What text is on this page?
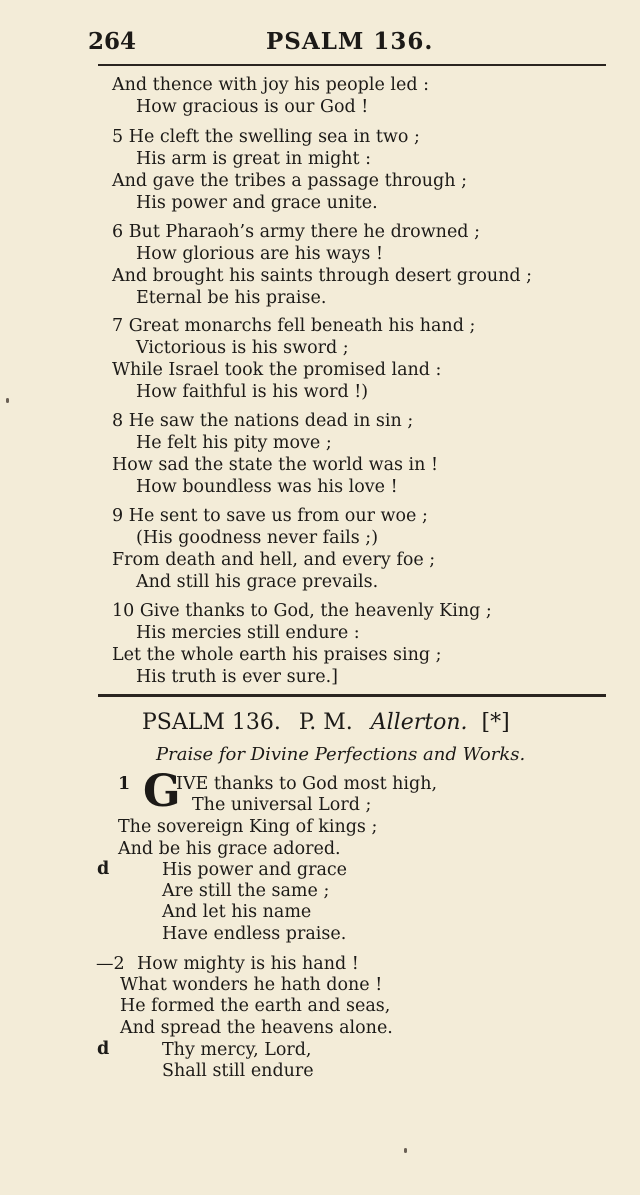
264	PSALM 136.
And thence with joy his people led :
How gracious is our God !
5 He cleft the swelling sea in two ;
His arm is great in might :
And gave the tribes a passage through ;
His power and grace unite.
6 But Pharaoh’s army there he drowned ;
How glorious are his ways !
And brought his saints through desert ground ;
Eternal be his praise.
7 Great monarchs fell beneath his hand ;
Victorious is his sword ;
While Israel took the promised land :
How faithful is his word !)
8 He saw the nations dead in sin ;
He felt his pity move ;
How sad the state the world was in !
How boundless was his love !
9 He sent to save us from our woe ;
(His goodness never fails ;)
From death and hell, and every foe ;
And still his grace prevails.
10 Give thanks to God, the heavenly King ;
His mercies still endure :
Let the whole earth his praises sing ;
His truth is ever sure.]
PSALM 136. P. M. Allerton. [*]
Praise for Divine Perfections and Works.
1 G
IVE thanks to God most high,
The universal Lord ;
The sovereign King of kings ;
And be his grace adored.
d	His power and grace
Are still the same ;
And let his name
Have endless praise.
—2 How mighty is his hand !
What wonders he hath done !
He formed the earth and seas,
And spread the heavens alone.
d	Thy mercy, Lord,
Shall still endure
